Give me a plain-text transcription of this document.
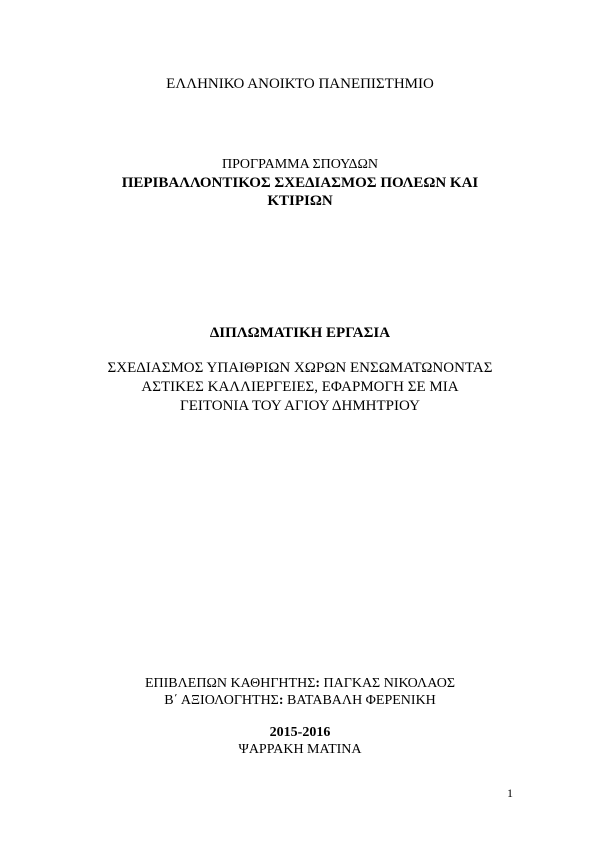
ΕΛΛΗΝΙΚΟ ΑΝΟΙΚΤΟ ΠΑΝΕΠΙΣΤΗΜΙΟ
ΠΡΟΓΡΑΜΜΑ ΣΠΟΥΔΩΝ
ΠΕΡΙΒΑΛΛΟΝΤΙΚΟΣ ΣΧΕΔΙΑΣΜΟΣ ΠΟΛΕΩΝ ΚΑΙ
ΚΤΙΡΙΩΝ
ΔΙΠΛΩΜΑΤΙΚΗ ΕΡΓΑΣΙΑ
ΣΧΕΔΙΑΣΜΟΣ ΥΠΑΙΘΡΙΩΝ ΧΩΡΩΝ ΕΝΣΩΜΑΤΩΝΟΝΤΑΣ
ΑΣΤΙΚΕΣ ΚΑΛΛΙΕΡΓΕΙΕΣ, ΕΦΑΡΜΟΓΗ ΣΕ ΜΙΑ
ΓΕΙΤΟΝΙΑ ΤΟΥ ΑΓΙΟΥ ΔΗΜΗΤΡΙΟΥ
ΕΠΙΒΛΕΠΩΝ ΚΑΘΗΓΗΤΗΣ: ΠΑΓΚΑΣ ΝΙΚΟΛΑΟΣ
Β΄ ΑΞΙΟΛΟΓΗΤΗΣ: ΒΑΤΑΒΑΛΗ ΦΕΡΕΝΙΚΗ
2015-2016
ΨΑΡΡΑΚΗ ΜΑΤΙΝΑ
1
